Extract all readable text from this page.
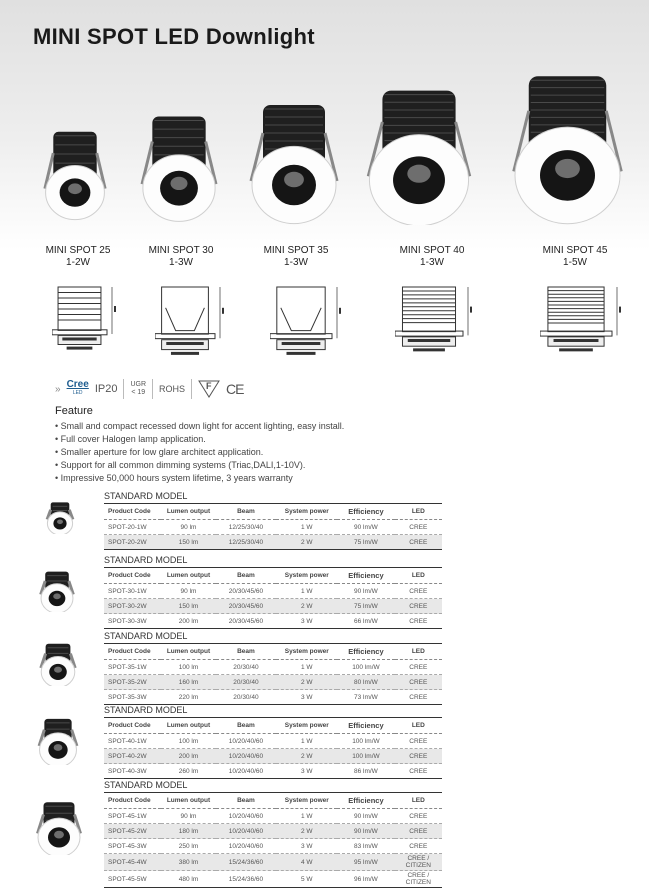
MINI SPOT LED Downlight
MINI SPOT 25
1-2W
MINI SPOT 30
1-3W
MINI SPOT 35
1-3W
MINI SPOT 40
1-3W
MINI SPOT 45
1-5W
» Cree
LED IP20 UGR
< 19 ROHS F CE
Feature
• Small and compact recessed down light for accent lighting, easy install.
• Full cover Halogen lamp application.
• Smaller aperture for low glare architect application.
• Support for all common dimming systems (Triac,DALI,1-10V).
• Impressive 50,000 hours system lifetime, 3 years warranty
STANDARD MODEL
Product Code	Lumen output	Beam	System power	Efficiency	LED
SPOT-20-1W	90 lm	12/25/30/40	1 W	90 lm/W	CREE
SPOT-20-2W	150 lm	12/25/30/40	2 W	75 lm/W	CREE
STANDARD MODEL
Product Code	Lumen output	Beam	System power	Efficiency	LED
SPOT-30-1W	90 lm	20/30/45/60	1 W	90 lm/W	CREE
SPOT-30-2W	150 lm	20/30/45/60	2 W	75 lm/W	CREE
SPOT-30-3W	200 lm	20/30/45/60	3 W	66 lm/W	CREE
STANDARD MODEL
Product Code	Lumen output	Beam	System power	Efficiency	LED
SPOT-35-1W	100 lm	20/30/40	1 W	100 lm/W	CREE
SPOT-35-2W	160 lm	20/30/40	2 W	80 lm/W	CREE
SPOT-35-3W	220 lm	20/30/40	3 W	73 lm/W	CREE
STANDARD MODEL
Product Code	Lumen output	Beam	System power	Efficiency	LED
SPOT-40-1W	100 lm	10/20/40/60	1 W	100 lm/W	CREE
SPOT-40-2W	200 lm	10/20/40/60	2 W	100 lm/W	CREE
SPOT-40-3W	260 lm	10/20/40/60	3 W	86 lm/W	CREE
STANDARD MODEL
Product Code	Lumen output	Beam	System power	Efficiency	LED
SPOT-45-1W	90 lm	10/20/40/60	1 W	90 lm/W	CREE
SPOT-45-2W	180 lm	10/20/40/60	2 W	90 lm/W	CREE
SPOT-45-3W	250 lm	10/20/40/60	3 W	83 lm/W	CREE
SPOT-45-4W	380 lm	15/24/36/60	4 W	95 lm/W	CREE / CITIZEN
SPOT-45-5W	480 lm	15/24/36/60	5 W	96 lm/W	CREE / CITIZEN
